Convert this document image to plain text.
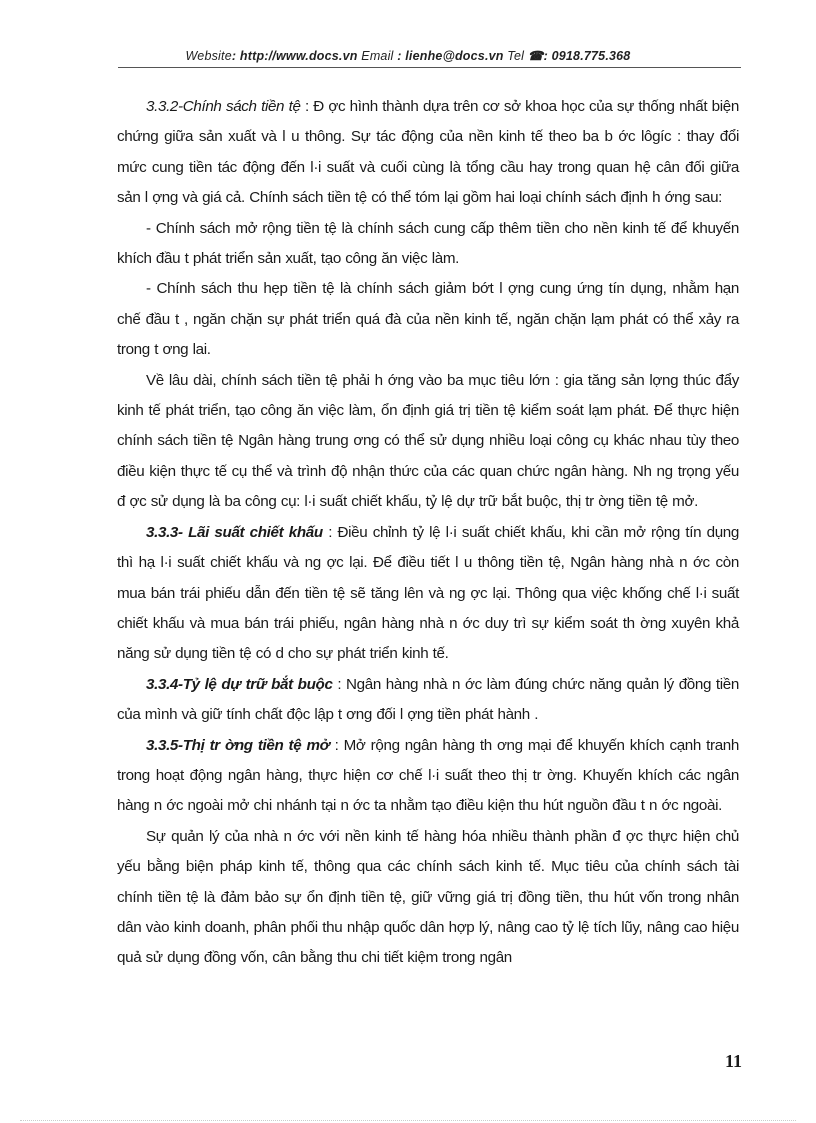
Website: http://www.docs.vn Email : lienhe@docs.vn Tel ☎: 0918.775.368

3.3.2-Chính sách tiền tệ : Đ ợc hình thành dựa trên cơ sở khoa học của sự thống nhất biện chứng giữa sản xuất và l u thông. Sự tác động của nền kinh tế theo ba b ớc lôgíc : thay đổi mức cung tiền tác động đến l·i suất và cuối cùng là tổng cầu hay trong quan hệ cân đối giữa sản l ợng và giá cả. Chính sách tiền tệ có thể tóm lại gồm hai loại chính sách định h ớng sau:

- Chính sách mở rộng tiền tệ là chính sách cung cấp thêm tiền cho nền kinh tế để khuyến khích đầu t phát triển sản xuất, tạo công ăn việc làm.

- Chính sách thu hẹp tiền tệ là chính sách giảm bớt l ợng cung ứng tín dụng, nhằm hạn chế đầu t , ngăn chặn sự phát triển quá đà của nền kinh tế, ngăn chặn lạm phát có thể xảy ra trong t ơng lai.

Về lâu dài, chính sách tiền tệ phải h ớng vào ba mục tiêu lớn : gia tăng sản lợng thúc đẩy kinh tế phát triển, tạo công ăn việc làm, ổn định giá trị tiền tệ kiểm soát lạm phát. Để thực hiện chính sách tiền tệ Ngân hàng trung ơng có thể sử dụng nhiều loại công cụ khác nhau tùy theo điều kiện thực tế cụ thể và trình độ nhận thức của các quan chức ngân hàng. Nh ng trọng yếu đ ợc sử dụng là ba công cụ: l·i suất chiết khấu, tỷ lệ dự trữ bắt buộc, thị tr ờng tiền tệ mở.

3.3.3- Lãi suất chiết khấu : Điều chỉnh tỷ lệ l·i suất chiết khấu, khi cần mở rộng tín dụng thì hạ l·i suất chiết khấu và ng ợc lại. Để điều tiết l u thông tiền tệ, Ngân hàng nhà n ớc còn mua bán trái phiếu dẫn đến tiền tệ sẽ tăng lên và ng ợc lại. Thông qua việc khống chế l·i suất chiết khấu và mua bán trái phiếu, ngân hàng nhà n ớc duy trì sự kiểm soát th ờng xuyên khả năng sử dụng tiền tệ có d cho sự phát triển kinh tế.

3.3.4-Tỷ lệ dự trữ bắt buộc : Ngân hàng nhà n ớc làm đúng chức năng quản lý đồng tiền của mình và giữ tính chất độc lập t ơng đối l ợng tiền phát hành .

3.3.5-Thị tr ờng tiền tệ mở : Mở rộng ngân hàng th ơng mại để khuyến khích cạnh tranh trong hoạt động ngân hàng, thực hiện cơ chế l·i suất theo thị tr ờng. Khuyến khích các ngân hàng n ớc ngoài mở chi nhánh tại n ớc ta nhằm tạo điều kiện thu hút nguồn đầu t n ớc ngoài.

Sự quản lý của nhà n ớc với nền kinh tế hàng hóa nhiều thành phần đ ợc thực hiện chủ yếu bằng biện pháp kinh tế, thông qua các chính sách kinh tế. Mục tiêu của chính sách tài chính tiền tệ là đảm bảo sự ổn định tiền tệ, giữ vững giá trị đồng tiền, thu hút vốn trong nhân dân vào kinh doanh, phân phối thu nhập quốc dân hợp lý, nâng cao tỷ lệ tích lũy, nâng cao hiệu quả sử dụng đồng vốn, cân bằng thu chi tiết kiệm trong ngân

11
